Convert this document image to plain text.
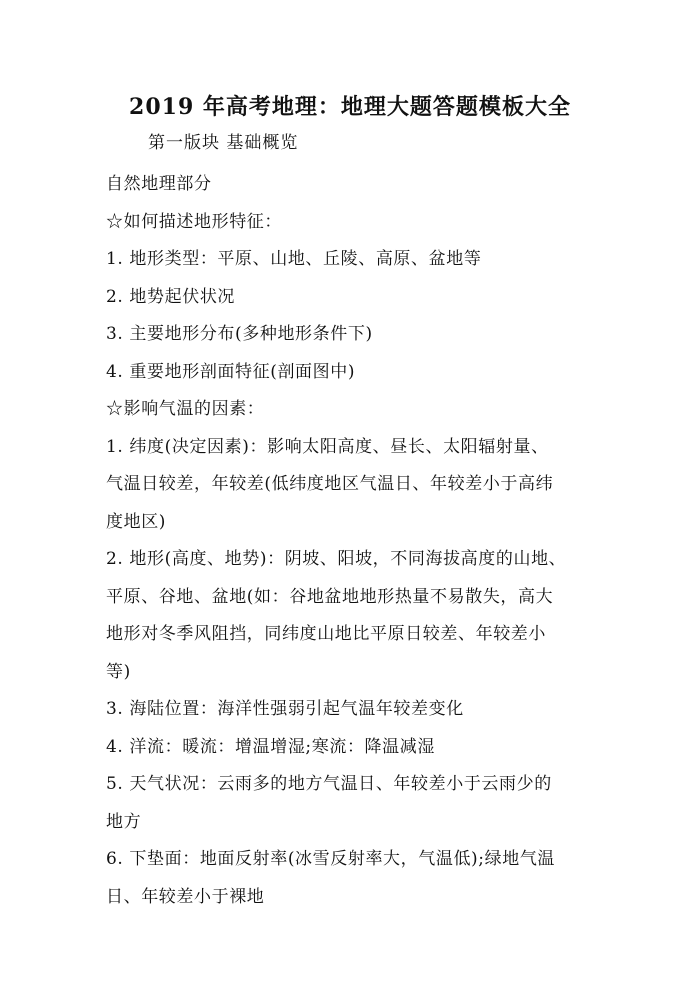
2019 年高考地理：地理大题答题模板大全
第一版块 基础概览
自然地理部分
☆如何描述地形特征：
1. 地形类型：平原、山地、丘陵、高原、盆地等
2. 地势起伏状况
3. 主要地形分布(多种地形条件下)
4. 重要地形剖面特征(剖面图中)
☆影响气温的因素：
1. 纬度(决定因素)：影响太阳高度、昼长、太阳辐射量、
气温日较差，年较差(低纬度地区气温日、年较差小于高纬
度地区)
2. 地形(高度、地势)：阴坡、阳坡，不同海拔高度的山地、
平原、谷地、盆地(如：谷地盆地地形热量不易散失，高大
地形对冬季风阻挡，同纬度山地比平原日较差、年较差小
等)
3. 海陆位置：海洋性强弱引起气温年较差变化
4. 洋流：暖流：增温增湿;寒流：降温减湿
5. 天气状况：云雨多的地方气温日、年较差小于云雨少的
地方
6. 下垫面：地面反射率(冰雪反射率大，气温低);绿地气温
日、年较差小于裸地
